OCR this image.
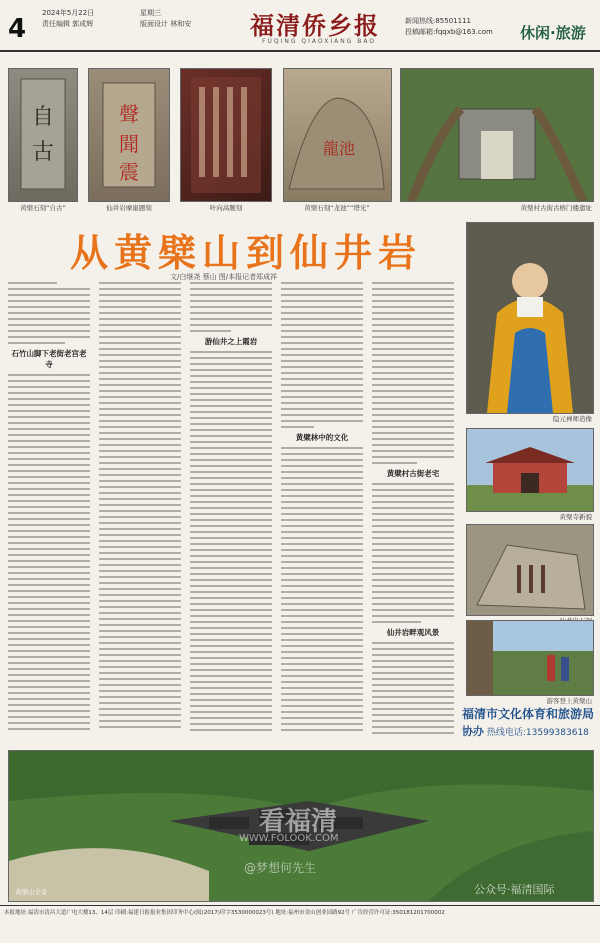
4
2024年5月22日
责任编辑 郭成辉
星期三
版面设计 林和安 福清侨乡报
FUQING QIAOXIANG BAO
新闻热线:85501111
投稿邮箱:fqqxb@163.com 休闲·旅游
自
古
黄檗石刻“自古”
聲
聞
震
仙井岩摩崖题刻	叶向高题刻
龍池
黄檗石刻“龙池”“塔光”	黄檗村古街古榕门楼遗址
从黄檗山到仙井岩
文/白继尧 蔡山 图/本报记者郑成祥
石竹山脚下老街老宫老寺
游仙井之上霞岩
黄檗林中的文化
黄檗村古街老宅
仙井岩畔观风景
隐元禅师造像
黄檗寺新貌
游客登上黄檗山
福清市文化体育和旅游局
协办 热线电话:13599383618
看福清
WWW.FOLOOK.COM
@梦想何先生
公众号·福清国际
黄檗山全景
本报地址:福清市清昌大道广电大楼13、14层 印刷:福建日报报业集团印务中心(闽(2017)印字3530000023号) 地址:福州市金山创业园路92号 广告经营许可证:350181201700002
